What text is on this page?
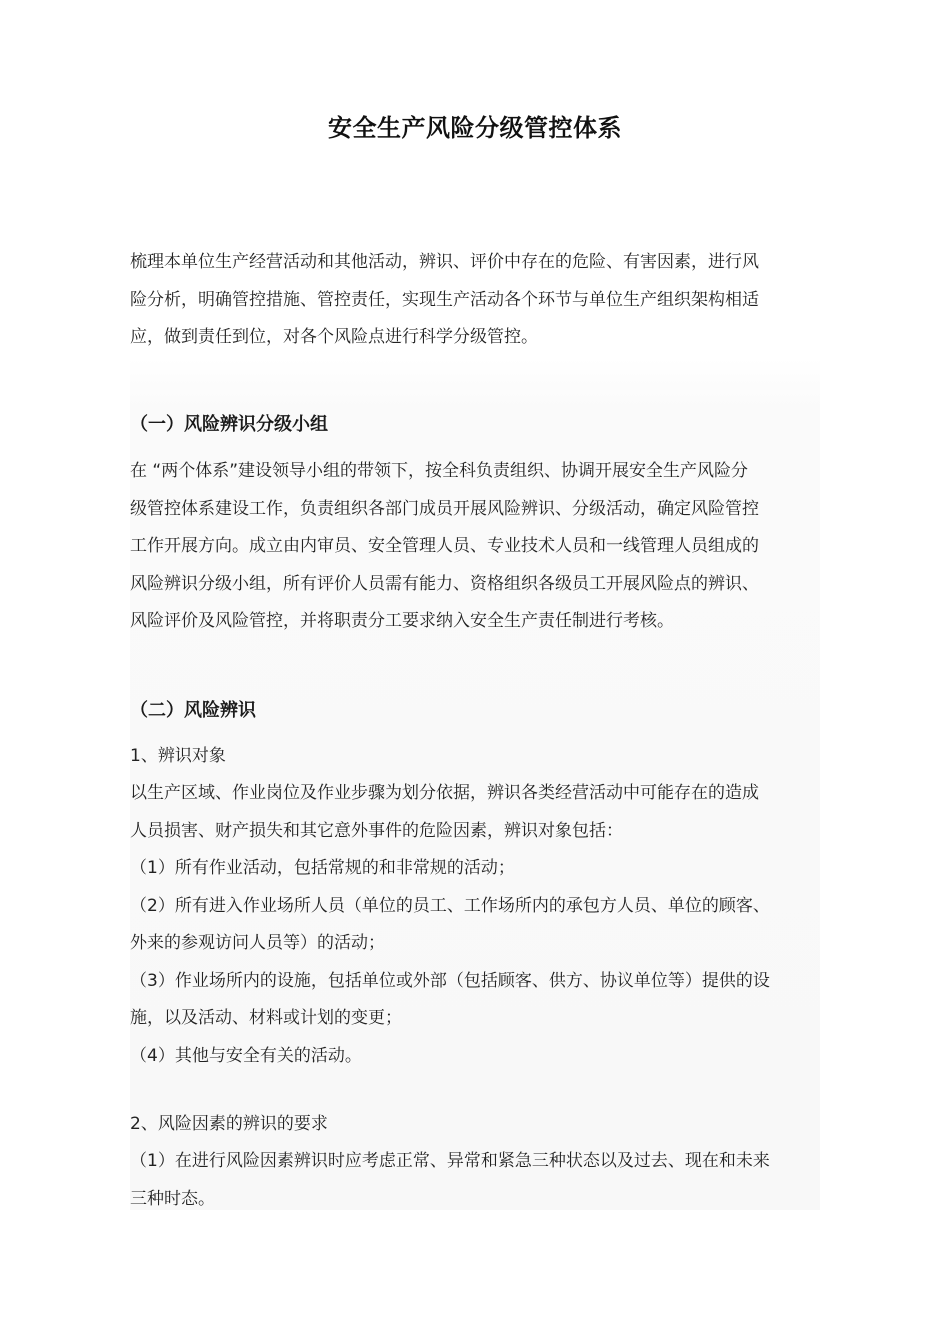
安全生产风险分级管控体系
梳理本单位生产经营活动和其他活动，辨识、评价中存在的危险、有害因素，进行风
险分析，明确管控措施、管控责任，实现生产活动各个环节与单位生产组织架构相适
应，做到责任到位，对各个风险点进行科学分级管控。
（一）风险辨识分级小组
在 “两个体系”建设领导小组的带领下，按全科负责组织、协调开展安全生产风险分
级管控体系建设工作，负责组织各部门成员开展风险辨识、分级活动，确定风险管控
工作开展方向。成立由内审员、安全管理人员、专业技术人员和一线管理人员组成的
风险辨识分级小组，所有评价人员需有能力、资格组织各级员工开展风险点的辨识、
风险评价及风险管控，并将职责分工要求纳入安全生产责任制进行考核。
（二）风险辨识
1、辨识对象
以生产区域、作业岗位及作业步骤为划分依据，辨识各类经营活动中可能存在的造成
人员损害、财产损失和其它意外事件的危险因素，辨识对象包括：
（1）所有作业活动，包括常规的和非常规的活动；
（2）所有进入作业场所人员（单位的员工、工作场所内的承包方人员、单位的顾客、
外来的参观访问人员等）的活动；
（3）作业场所内的设施，包括单位或外部（包括顾客、供方、协议单位等）提供的设
施，以及活动、材料或计划的变更；
（4）其他与安全有关的活动。
2、风险因素的辨识的要求
（1）在进行风险因素辨识时应考虑正常、异常和紧急三种状态以及过去、现在和未来
三种时态。
